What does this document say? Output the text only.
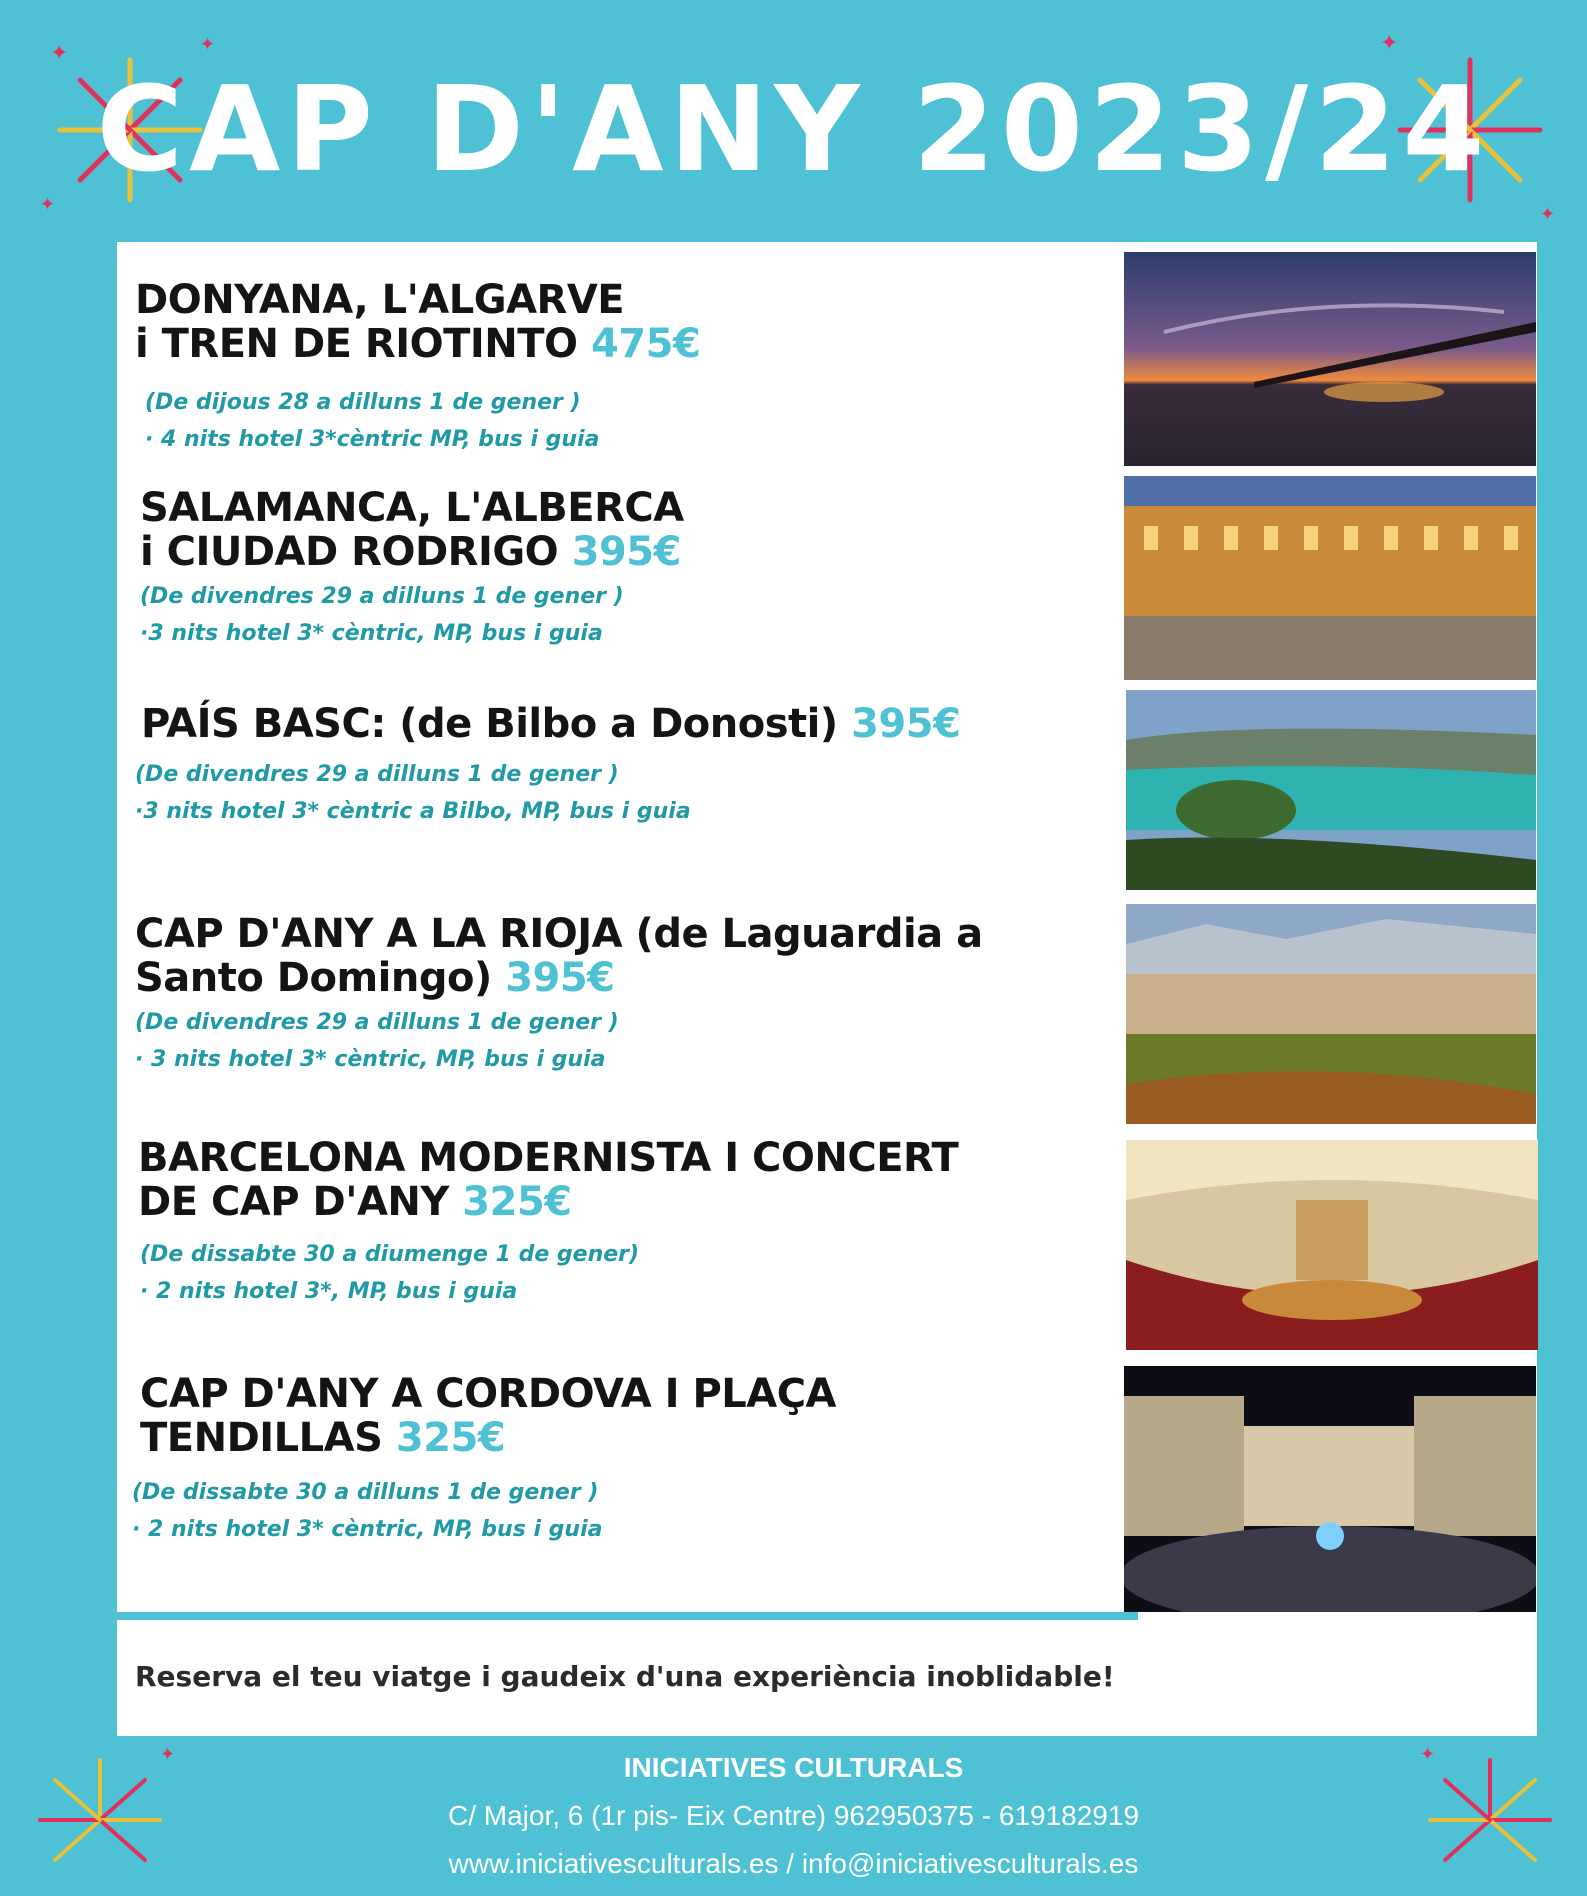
✦	✦
✦
✦
✦
✦	✦
CAP D'ANY 2023/24
DONYANA, L'ALGARVE
i TREN DE RIOTINTO 475€
(De dijous 28 a dilluns 1 de gener )
· 4 nits hotel 3*cèntric MP, bus i guia
SALAMANCA, L'ALBERCA
i CIUDAD RODRIGO 395€
(De divendres 29 a dilluns 1 de gener )
·3 nits hotel 3* cèntric, MP, bus i guia
PAÍS BASC: (de Bilbo a Donosti) 395€
(De divendres 29 a dilluns 1 de gener )
·3 nits hotel 3* cèntric a Bilbo, MP, bus i guia
CAP D'ANY A LA RIOJA (de Laguardia a
Santo Domingo) 395€
(De divendres 29 a dilluns 1 de gener )
· 3 nits hotel 3* cèntric, MP, bus i guia
BARCELONA MODERNISTA I CONCERT
DE CAP D'ANY 325€
(De dissabte 30 a diumenge 1 de gener)
· 2 nits hotel 3*, MP, bus i guia
CAP D'ANY A CORDOVA I PLAÇA
TENDILLAS 325€
(De dissabte 30 a dilluns 1 de gener )
· 2 nits hotel 3* cèntric, MP, bus i guia
Reserva el teu viatge i gaudeix d'una experiència inoblidable!
INICIATIVES CULTURALS
C/ Major, 6 (1r pis- Eix Centre) 962950375 - 619182919
www.iniciativesculturals.es / info@iniciativesculturals.es
